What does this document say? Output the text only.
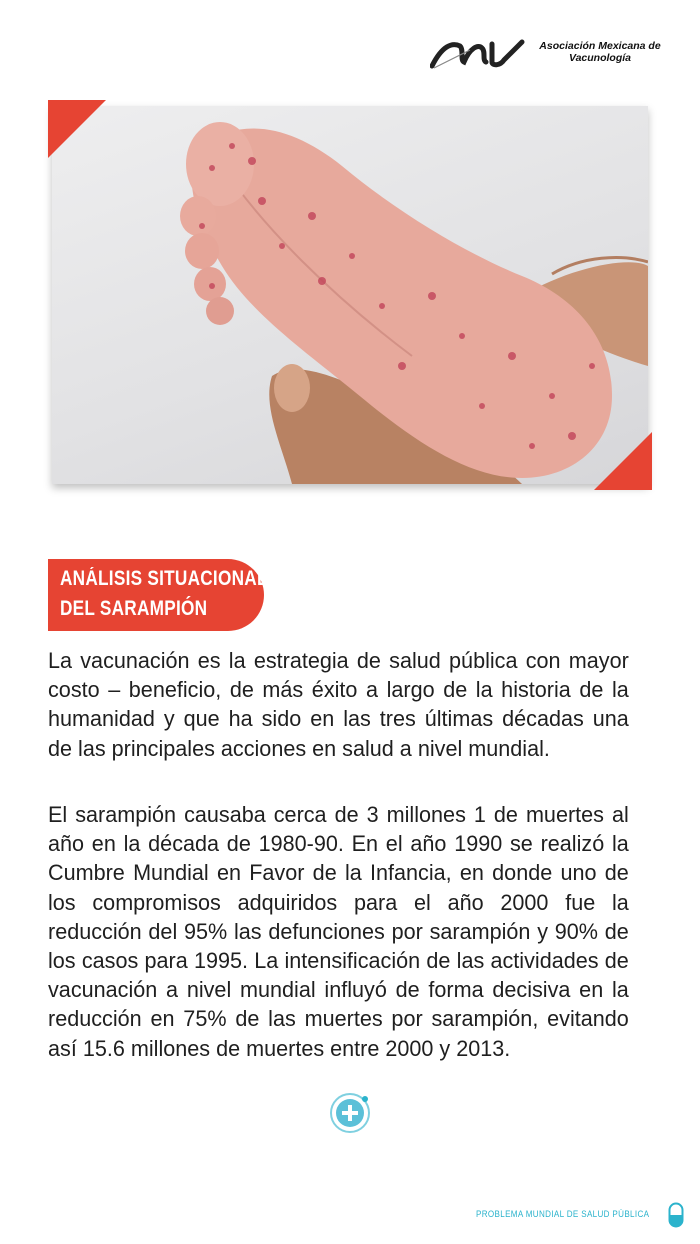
Asociación Mexicana de
Vacunología
ANÁLISIS SITUACIONAL
DEL SARAMPIÓN

La vacunación es la estrategia de salud pública con mayor costo – beneficio, de más éxito a largo de la historia de la humanidad y que ha sido en las tres últimas décadas una de las principales acciones en salud a nivel mundial.

El sarampión causaba cerca de 3 millones 1 de muertes al año en la década de 1980-90. En el año 1990 se realizó la Cumbre Mundial en Favor de la Infancia, en donde uno de los compromisos adquiridos para el año 2000 fue la reducción del 95% las defunciones por sarampión y 90% de los casos para 1995. La intensificación de las actividades de vacunación a nivel mundial influyó de forma decisiva en la reducción en 75% de las muertes por sarampión, evitando así 15.6 millones de muertes entre 2000 y 2013.

PROBLEMA MUNDIAL DE SALUD PÚBLICA
